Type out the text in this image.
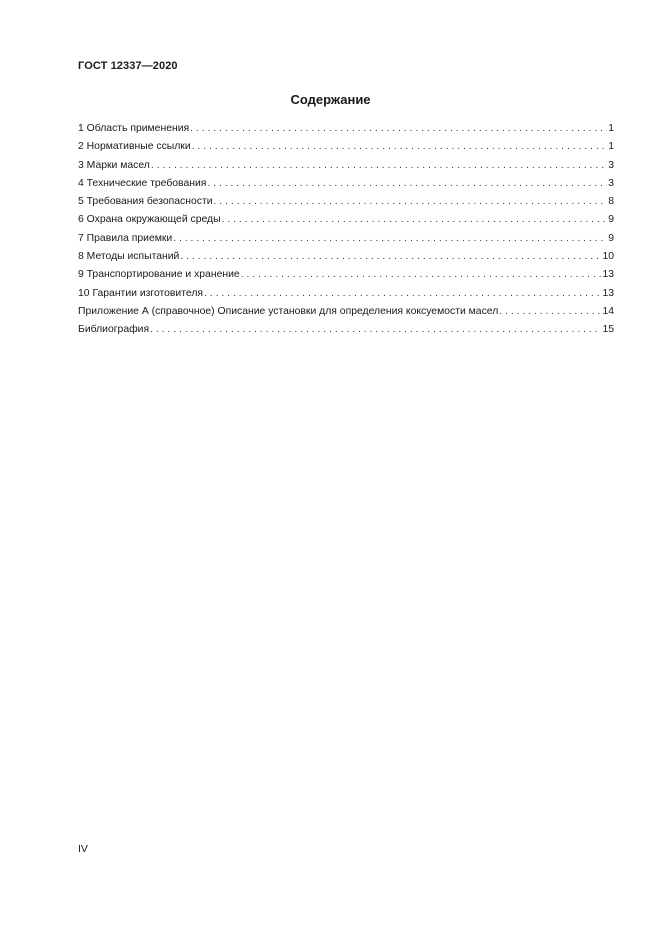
ГОСТ 12337—2020
Содержание
1 Область применения . . .	1
2 Нормативные ссылки . . .	1
3 Марки масел . . .	3
4 Технические требования . . .	3
5 Требования безопасности . . .	8
6 Охрана окружающей среды . . .	9
7 Правила приемки . . .	9
8 Методы испытаний . . .	10
9 Транспортирование и хранение . . .	13
10 Гарантии изготовителя . . .	13
Приложение А (справочное) Описание установки для определения коксуемости масел . . .	14
Библиография . . .	15
IV
